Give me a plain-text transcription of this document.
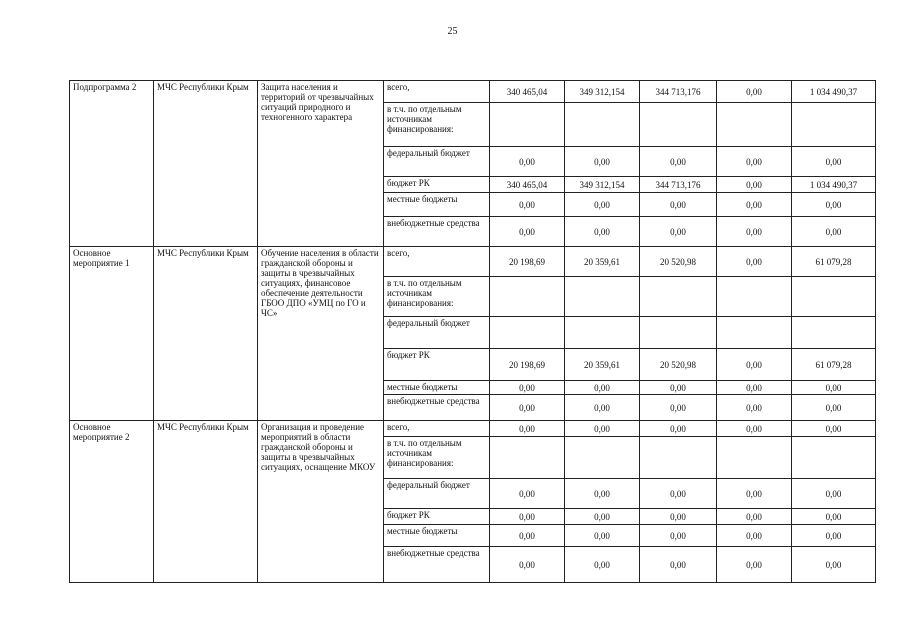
25
Подпрограмма 2	МЧС Республики Крым	Защита населения и территорий от чрезвычайных ситуаций природного и техногенного характера	всего,	340 465,04	349 312,154	344 713,176	0,00	1 034 490,37
			в т.ч. по отдельным источникам финансирования:					
			федеральный бюджет	0,00	0,00	0,00	0,00	0,00
			бюджет РК	340 465,04	349 312,154	344 713,176	0,00	1 034 490,37
			местные бюджеты	0,00	0,00	0,00	0,00	0,00
			внебюджетные средства	0,00	0,00	0,00	0,00	0,00
Основное мероприятие 1	МЧС Республики Крым	Обучение населения в области гражданской обороны и защиты в чрезвычайных ситуациях, финансовое обеспечение деятельности ГБОО ДПО «УМЦ по ГО и ЧС»	всего,	20 198,69	20 359,61	20 520,98	0,00	61 079,28
			в т.ч. по отдельным источникам финансирования:					
			федеральный бюджет					
			бюджет РК	20 198,69	20 359,61	20 520,98	0,00	61 079,28
			местные бюджеты	0,00	0,00	0,00	0,00	0,00
			внебюджетные средства	0,00	0,00	0,00	0,00	0,00
Основное мероприятие 2	МЧС Республики Крым	Организация и проведение мероприятий в области гражданской обороны и защиты в чрезвычайных ситуациях, оснащение МКОУ	всего,	0,00	0,00	0,00	0,00	0,00
			в т.ч. по отдельным источникам финансирования:					
			федеральный бюджет	0,00	0,00	0,00	0,00	0,00
			бюджет РК	0,00	0,00	0,00	0,00	0,00
			местные бюджеты	0,00	0,00	0,00	0,00	0,00
			внебюджетные средства	0,00	0,00	0,00	0,00	0,00
